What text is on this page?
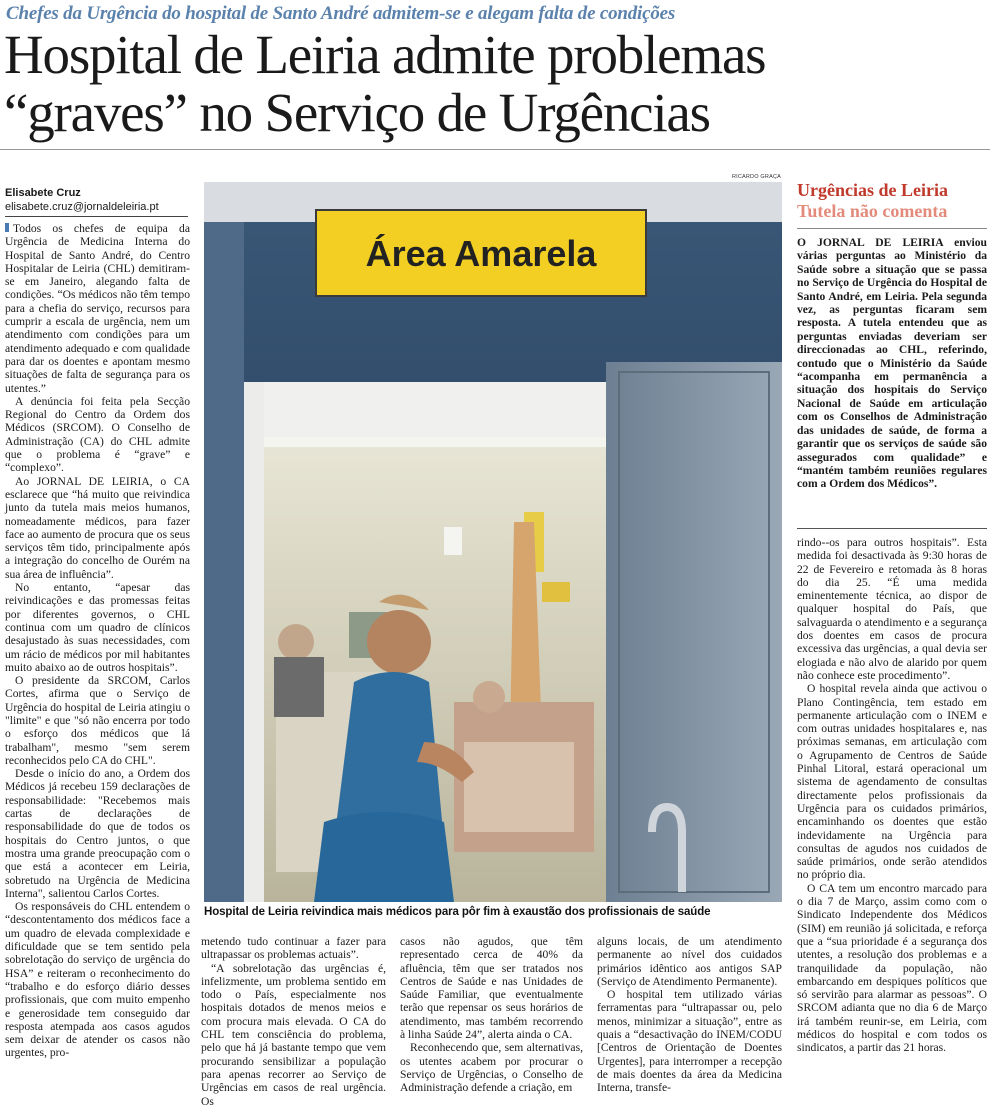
Chefes da Urgência do hospital de Santo André admitem-se e alegam falta de condições
Hospital de Leiria admite problemas
“graves” no Serviço de Urgências
Elisabete Cruz
elisabete.cruz@jornaldeleiria.pt

Todos os chefes de equipa da Urgência de Medicina Interna do Hospital de Santo André, do Centro Hospitalar de Leiria (CHL) demitiram-se em Janeiro, alegando falta de condições. “Os médicos não têm tempo para a chefia do serviço, recursos para cumprir a escala de urgência, nem um atendimento com condições para um atendimento adequado e com qualidade para dar os doentes e apontam mesmo situações de falta de segurança para os utentes.”

A denúncia foi feita pela Secção Regional do Centro da Ordem dos Médicos (SRCOM). O Conselho de Administração (CA) do CHL admite que o problema é “grave” e “complexo”.

Ao JORNAL DE LEIRIA, o CA esclarece que “há muito que reivindica junto da tutela mais meios humanos, nomeadamente médicos, para fazer face ao aumento de procura que os seus serviços têm tido, principalmente após a integração do concelho de Ourém na sua área de influência”.

No entanto, “apesar das reivindicações e das promessas feitas por diferentes governos, o CHL continua com um quadro de clínicos desajustado às suas necessidades, com um rácio de médicos por mil habitantes muito abaixo ao de outros hospitais”.

O presidente da SRCOM, Carlos Cortes, afirma que o Serviço de Urgência do hospital de Leiria atingiu o "limite" e que "só não encerra por todo o esforço dos médicos que lá trabalham", mesmo "sem serem reconhecidos pelo CA do CHL".

Desde o início do ano, a Ordem dos Médicos já recebeu 159 declarações de responsabilidade: "Recebemos mais cartas de declarações de responsabilidade do que de todos os hospitais do Centro juntos, o que mostra uma grande preocupação com o que está a acontecer em Leiria, sobretudo na Urgência de Medicina Interna", salientou Carlos Cortes.

Os responsáveis do CHL entendem o “descontentamento dos médicos face a um quadro de elevada complexidade e dificuldade que se tem sentido pela sobrelotação do serviço de urgência do HSA” e reiteram o reconhecimento do “trabalho e do esforço diário desses profissionais, que com muito empenho e generosidade tem conseguido dar resposta atempada aos casos agudos sem deixar de atender os casos não urgentes, pro-

RICARDO GRAÇA
Área Amarela
Hospital de Leiria reivindica mais médicos para pôr fim à exaustão dos profissionais de saúde
Urgências de Leiria
Tutela não comenta
O JORNAL DE LEIRIA enviou várias perguntas ao Ministério da Saúde sobre a situação que se passa no Serviço de Urgência do Hospital de Santo André, em Leiria. Pela segunda vez, as perguntas ficaram sem resposta. A tutela entendeu que as perguntas enviadas deveriam ser direccionadas ao CHL, referindo, contudo que o Ministério da Saúde “acompanha em permanência a situação dos hospitais do Serviço Nacional de Saúde em articulação com os Conselhos de Administração das unidades de saúde, de forma a garantir que os serviços de saúde são assegurados com qualidade” e “mantém também reuniões regulares com a Ordem dos Médicos”.

metendo tudo continuar a fazer para ultrapassar os problemas actuais”.

“A sobrelotação das urgências é, infelizmente, um problema sentido em todo o País, especialmente nos hospitais dotados de menos meios e com procura mais elevada. O CA do CHL tem consciência do problema, pelo que há já bastante tempo que vem procurando sensibilizar a população para apenas recorrer ao Serviço de Urgências em casos de real urgência. Os

casos não agudos, que têm representado cerca de 40% da afluência, têm que ser tratados nos Centros de Saúde e nas Unidades de Saúde Familiar, que eventualmente terão que repensar os seus horários de atendimento, mas também recorrendo à linha Saúde 24”, alerta ainda o CA.

Reconhecendo que, sem alternativas, os utentes acabem por procurar o Serviço de Urgências, o Conselho de Administração defende a criação, em

alguns locais, de um atendimento permanente ao nível dos cuidados primários idêntico aos antigos SAP (Serviço de Atendimento Permanente).

O hospital tem utilizado várias ferramentas para “ultrapassar ou, pelo menos, minimizar a situação”, entre as quais a “desactivação do INEM/CODU [Centros de Orientação de Doentes Urgentes], para interromper a recepção de mais doentes da área da Medicina Interna, transfe-

rindo--os para outros hospitais”. Esta medida foi desactivada às 9:30 horas de 22 de Fevereiro e retomada às 8 horas do dia 25. “É uma medida eminentemente técnica, ao dispor de qualquer hospital do País, que salvaguarda o atendimento e a segurança dos doentes em casos de procura excessiva das urgências, a qual devia ser elogiada e não alvo de alarido por quem não conhece este procedimento”.

O hospital revela ainda que activou o Plano Contingência, tem estado em permanente articulação com o INEM e com outras unidades hospitalares e, nas próximas semanas, em articulação com o Agrupamento de Centros de Saúde Pinhal Litoral, estará operacional um sistema de agendamento de consultas directamente pelos profissionais da Urgência para os cuidados primários, encaminhando os doentes que estão indevidamente na Urgência para consultas de agudos nos cuidados de saúde primários, onde serão atendidos no próprio dia.

O CA tem um encontro marcado para o dia 7 de Março, assim como com o Sindicato Independente dos Médicos (SIM) em reunião já solicitada, e reforça que a “sua prioridade é a segurança dos utentes, a resolução dos problemas e a tranquilidade da população, não embarcando em despiques políticos que só servirão para alarmar as pessoas”. O SRCOM adianta que no dia 6 de Março irá também reunir-se, em Leiria, com médicos do hospital e com todos os sindicatos, a partir das 21 horas.
